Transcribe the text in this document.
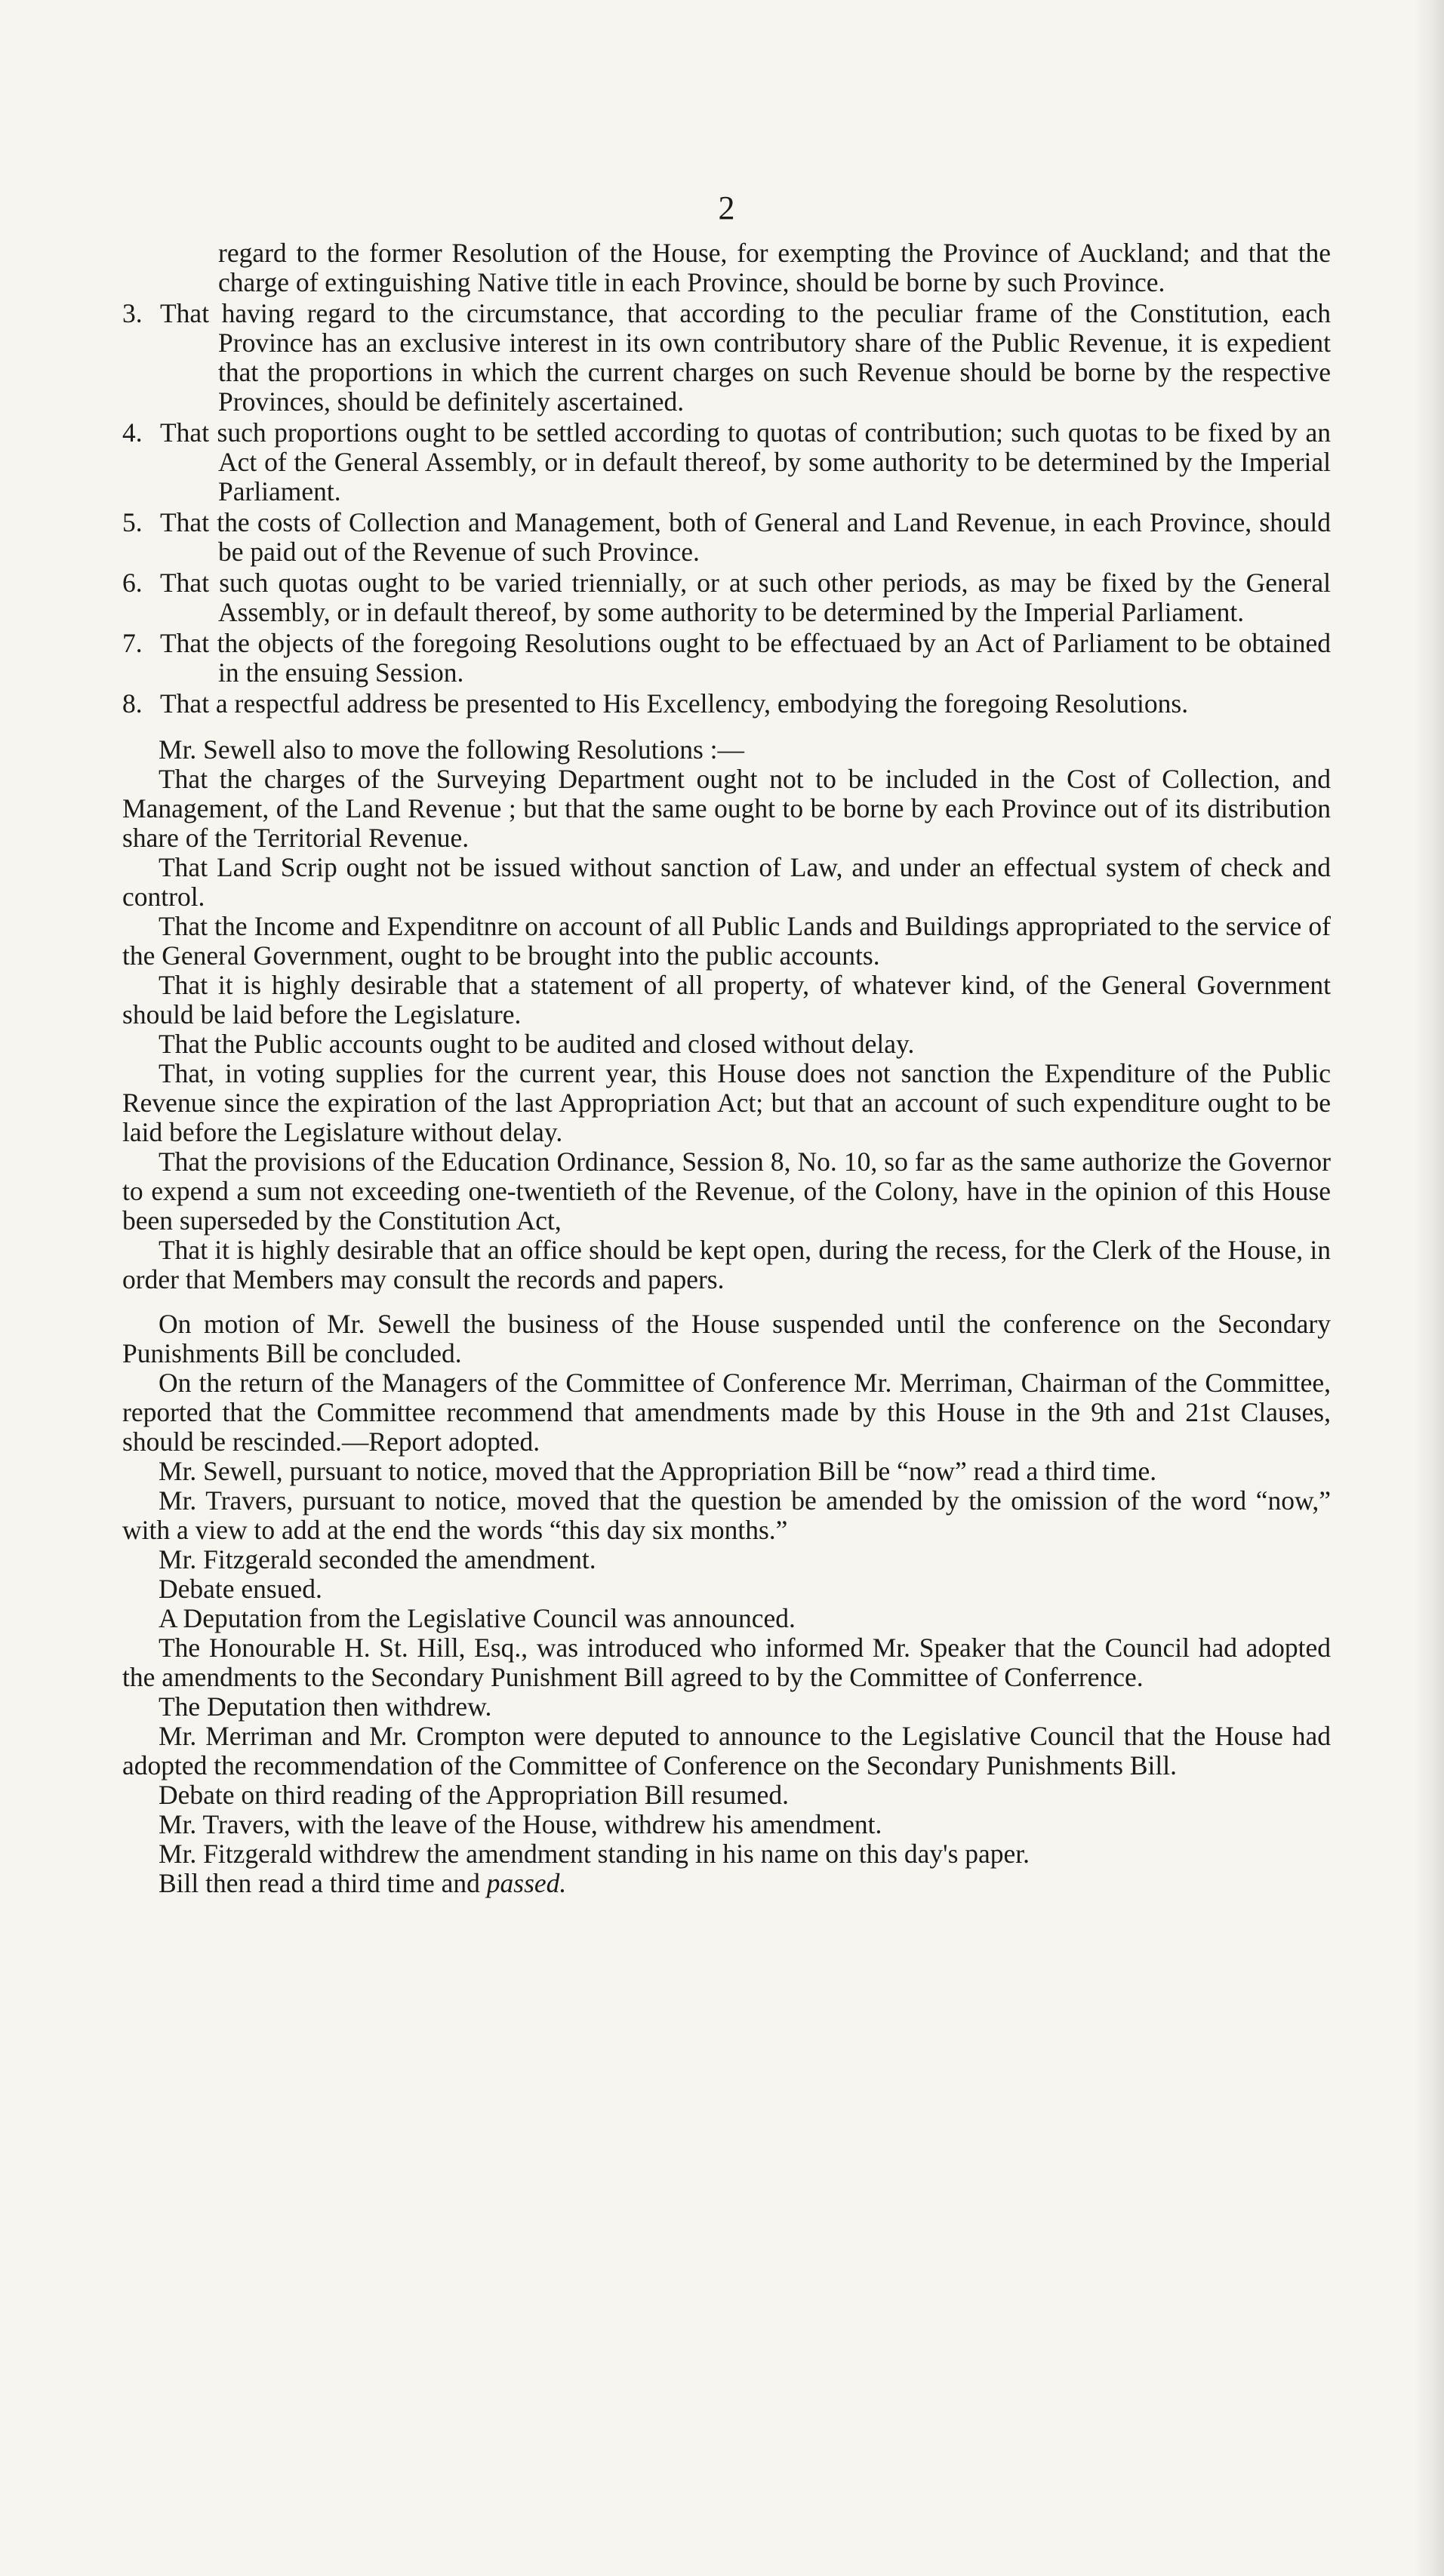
2

regard to the former Resolution of the House, for exempting the Province of Auckland; and that the charge of extinguishing Native title in each Province, should be borne by such Province.

3. That having regard to the circumstance, that according to the peculiar frame of the Constitution, each Province has an exclusive interest in its own contributory share of the Public Revenue, it is expedient that the proportions in which the current charges on such Revenue should be borne by the respective Provinces, should be definitely ascertained.

4. That such proportions ought to be settled according to quotas of contribution; such quotas to be fixed by an Act of the General Assembly, or in default thereof, by some authority to be determined by the Imperial Parliament.

5. That the costs of Collection and Management, both of General and Land Revenue, in each Province, should be paid out of the Revenue of such Province.

6. That such quotas ought to be varied triennially, or at such other periods, as may be fixed by the General Assembly, or in default thereof, by some authority to be determined by the Imperial Parliament.

7. That the objects of the foregoing Resolutions ought to be effectuaed by an Act of Parliament to be obtained in the ensuing Session.

8. That a respectful address be presented to His Excellency, embodying the foregoing Resolutions.

Mr. Sewell also to move the following Resolutions :—

That the charges of the Surveying Department ought not to be included in the Cost of Collection, and Management, of the Land Revenue ; but that the same ought to be borne by each Province out of its distribution share of the Territorial Revenue.

That Land Scrip ought not be issued without sanction of Law, and under an effectual system of check and control.

That the Income and Expenditnre on account of all Public Lands and Buildings appropriated to the service of the General Government, ought to be brought into the public accounts.

That it is highly desirable that a statement of all property, of whatever kind, of the General Government should be laid before the Legislature.

That the Public accounts ought to be audited and closed without delay.

That, in voting supplies for the current year, this House does not sanction the Expenditure of the Public Revenue since the expiration of the last Appropriation Act; but that an account of such expenditure ought to be laid before the Legislature without delay.

That the provisions of the Education Ordinance, Session 8, No. 10, so far as the same authorize the Governor to expend a sum not exceeding one-twentieth of the Revenue, of the Colony, have in the opinion of this House been superseded by the Constitution Act,

That it is highly desirable that an office should be kept open, during the recess, for the Clerk of the House, in order that Members may consult the records and papers.

On motion of Mr. Sewell the business of the House suspended until the conference on the Secondary Punishments Bill be concluded.

On the return of the Managers of the Committee of Conference Mr. Merriman, Chairman of the Committee, reported that the Committee recommend that amendments made by this House in the 9th and 21st Clauses, should be rescinded.—Report adopted.

Mr. Sewell, pursuant to notice, moved that the Appropriation Bill be “now” read a third time.

Mr. Travers, pursuant to notice, moved that the question be amended by the omission of the word “now,” with a view to add at the end the words “this day six months.”

Mr. Fitzgerald seconded the amendment.

Debate ensued.

A Deputation from the Legislative Council was announced.

The Honourable H. St. Hill, Esq., was introduced who informed Mr. Speaker that the Council had adopted the amendments to the Secondary Punishment Bill agreed to by the Committee of Conferrence.

The Deputation then withdrew.

Mr. Merriman and Mr. Crompton were deputed to announce to the Legislative Council that the House had adopted the recommendation of the Committee of Conference on the Secondary Punishments Bill.

Debate on third reading of the Appropriation Bill resumed.

Mr. Travers, with the leave of the House, withdrew his amendment.

Mr. Fitzgerald withdrew the amendment standing in his name on this day's paper.

Bill then read a third time and passed.
